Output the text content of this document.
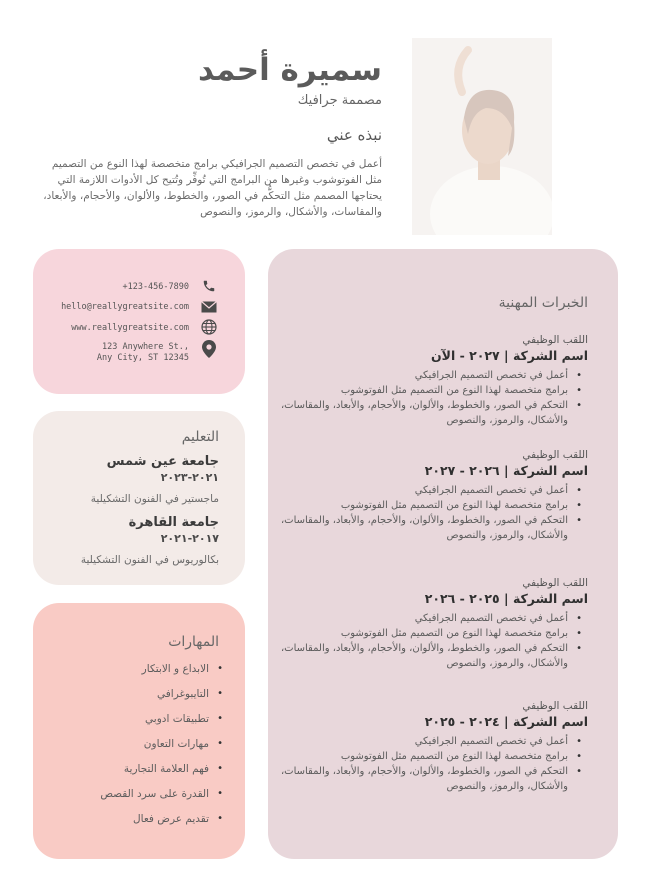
سميرة أحمد
مصممة جرافيك
نبذه عني
أعمل في تخصص التصميم الجرافيكي برامج متخصصة لهذا النوع من التصميم مثل الفوتوشوب وغيرها من البرامج التي تُوفِّر وتُتيح كل الأدوات اللازمة التي يحتاجها المصمم مثل التحكُّم في الصور، والخطوط، والألوان، والأحجام، والأبعاد، والمقاسات، والأشكال، والرموز، والنصوص
+123-456-7890
hello@reallygreatsite.com
www.reallygreatsite.com
123 Anywhere St.,
Any City, ST 12345
التعليم
جامعة عين شمس
٢٠٢١-٢٠٢٣
ماجستير في الفنون التشكيلية
جامعة القاهرة
٢٠١٧-٢٠٢١
بكالوريوس في الفنون التشكيلية
المهارات
• الابداع و الابتكار
• التايبوغرافي
• تطبيقات ادوبي
• مهارات التعاون
• فهم العلامة التجارية
• القدرة على سرد القصص
• تقديم عرض فعال
الخبرات المهنية
اللقب الوظيفي
اسم الشركة | ٢٠٢٧ - الآن
• أعمل في تخصص التصميم الجرافيكي
• برامج متخصصة لهذا النوع من التصميم مثل الفوتوشوب
• التحكم في الصور، والخطوط، والألوان، والأحجام، والأبعاد، والمقاسات، والأشكال، والرموز، والنصوص
اللقب الوظيفي
اسم الشركة | ٢٠٢٦ - ٢٠٢٧
• أعمل في تخصص التصميم الجرافيكي
• برامج متخصصة لهذا النوع من التصميم مثل الفوتوشوب
• التحكم في الصور، والخطوط، والألوان، والأحجام، والأبعاد، والمقاسات، والأشكال، والرموز، والنصوص
اللقب الوظيفي
اسم الشركة | ٢٠٢٥ - ٢٠٢٦
• أعمل في تخصص التصميم الجرافيكي
• برامج متخصصة لهذا النوع من التصميم مثل الفوتوشوب
• التحكم في الصور، والخطوط، والألوان، والأحجام، والأبعاد، والمقاسات، والأشكال، والرموز، والنصوص
اللقب الوظيفي
اسم الشركة | ٢٠٢٤ - ٢٠٢٥
• أعمل في تخصص التصميم الجرافيكي
• برامج متخصصة لهذا النوع من التصميم مثل الفوتوشوب
• التحكم في الصور، والخطوط، والألوان، والأحجام، والأبعاد، والمقاسات، والأشكال، والرموز، والنصوص
